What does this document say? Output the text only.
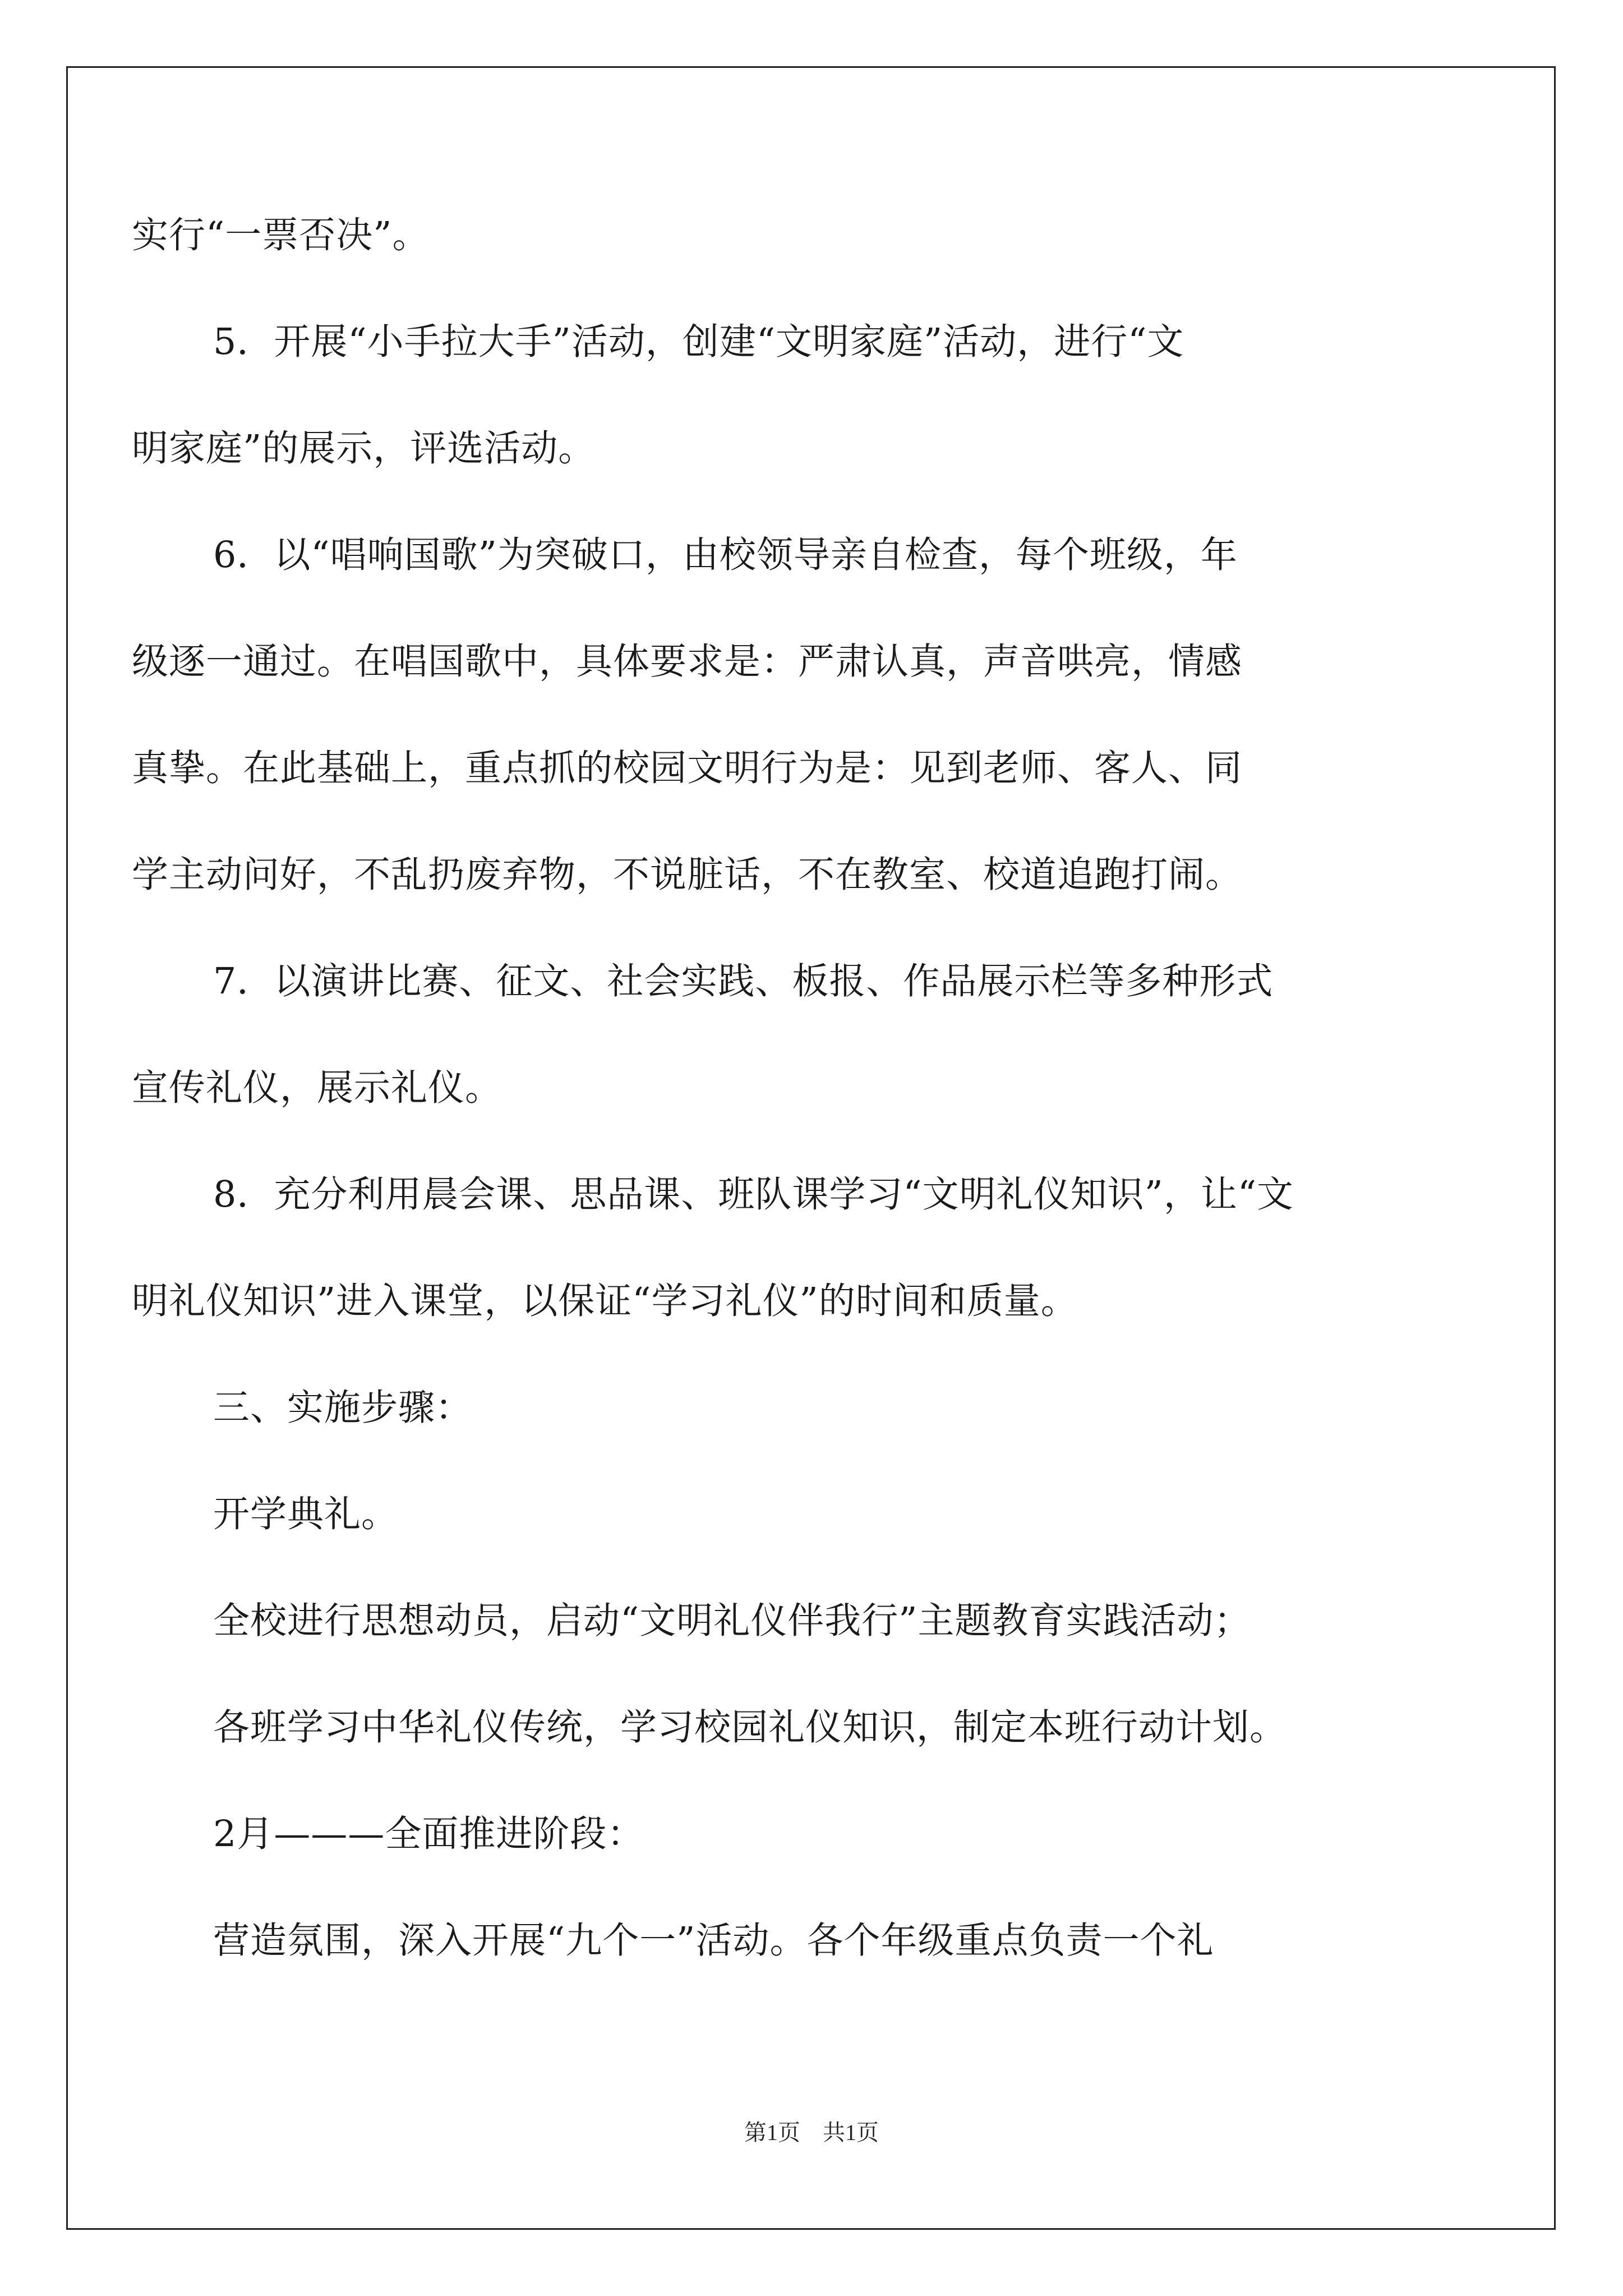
实行“一票否决”。
5．开展“小手拉大手”活动，创建“文明家庭”活动，进行“文
明家庭”的展示，评选活动。
6．以“唱响国歌”为突破口，由校领导亲自检查，每个班级，年
级逐一通过。在唱国歌中，具体要求是：严肃认真，声音哄亮，情感
真挚。在此基础上，重点抓的校园文明行为是：见到老师、客人、同
学主动问好，不乱扔废弃物，不说脏话，不在教室、校道追跑打闹。
7．以演讲比赛、征文、社会实践、板报、作品展示栏等多种形式
宣传礼仪，展示礼仪。
8．充分利用晨会课、思品课、班队课学习“文明礼仪知识”，让“文
明礼仪知识”进入课堂，以保证“学习礼仪”的时间和质量。
三、实施步骤：
开学典礼。
全校进行思想动员，启动“文明礼仪伴我行”主题教育实践活动；
各班学习中华礼仪传统，学习校园礼仪知识，制定本班行动计划。
2月———全面推进阶段：
营造氛围，深入开展“九个一”活动。各个年级重点负责一个礼
第1页 共1页
